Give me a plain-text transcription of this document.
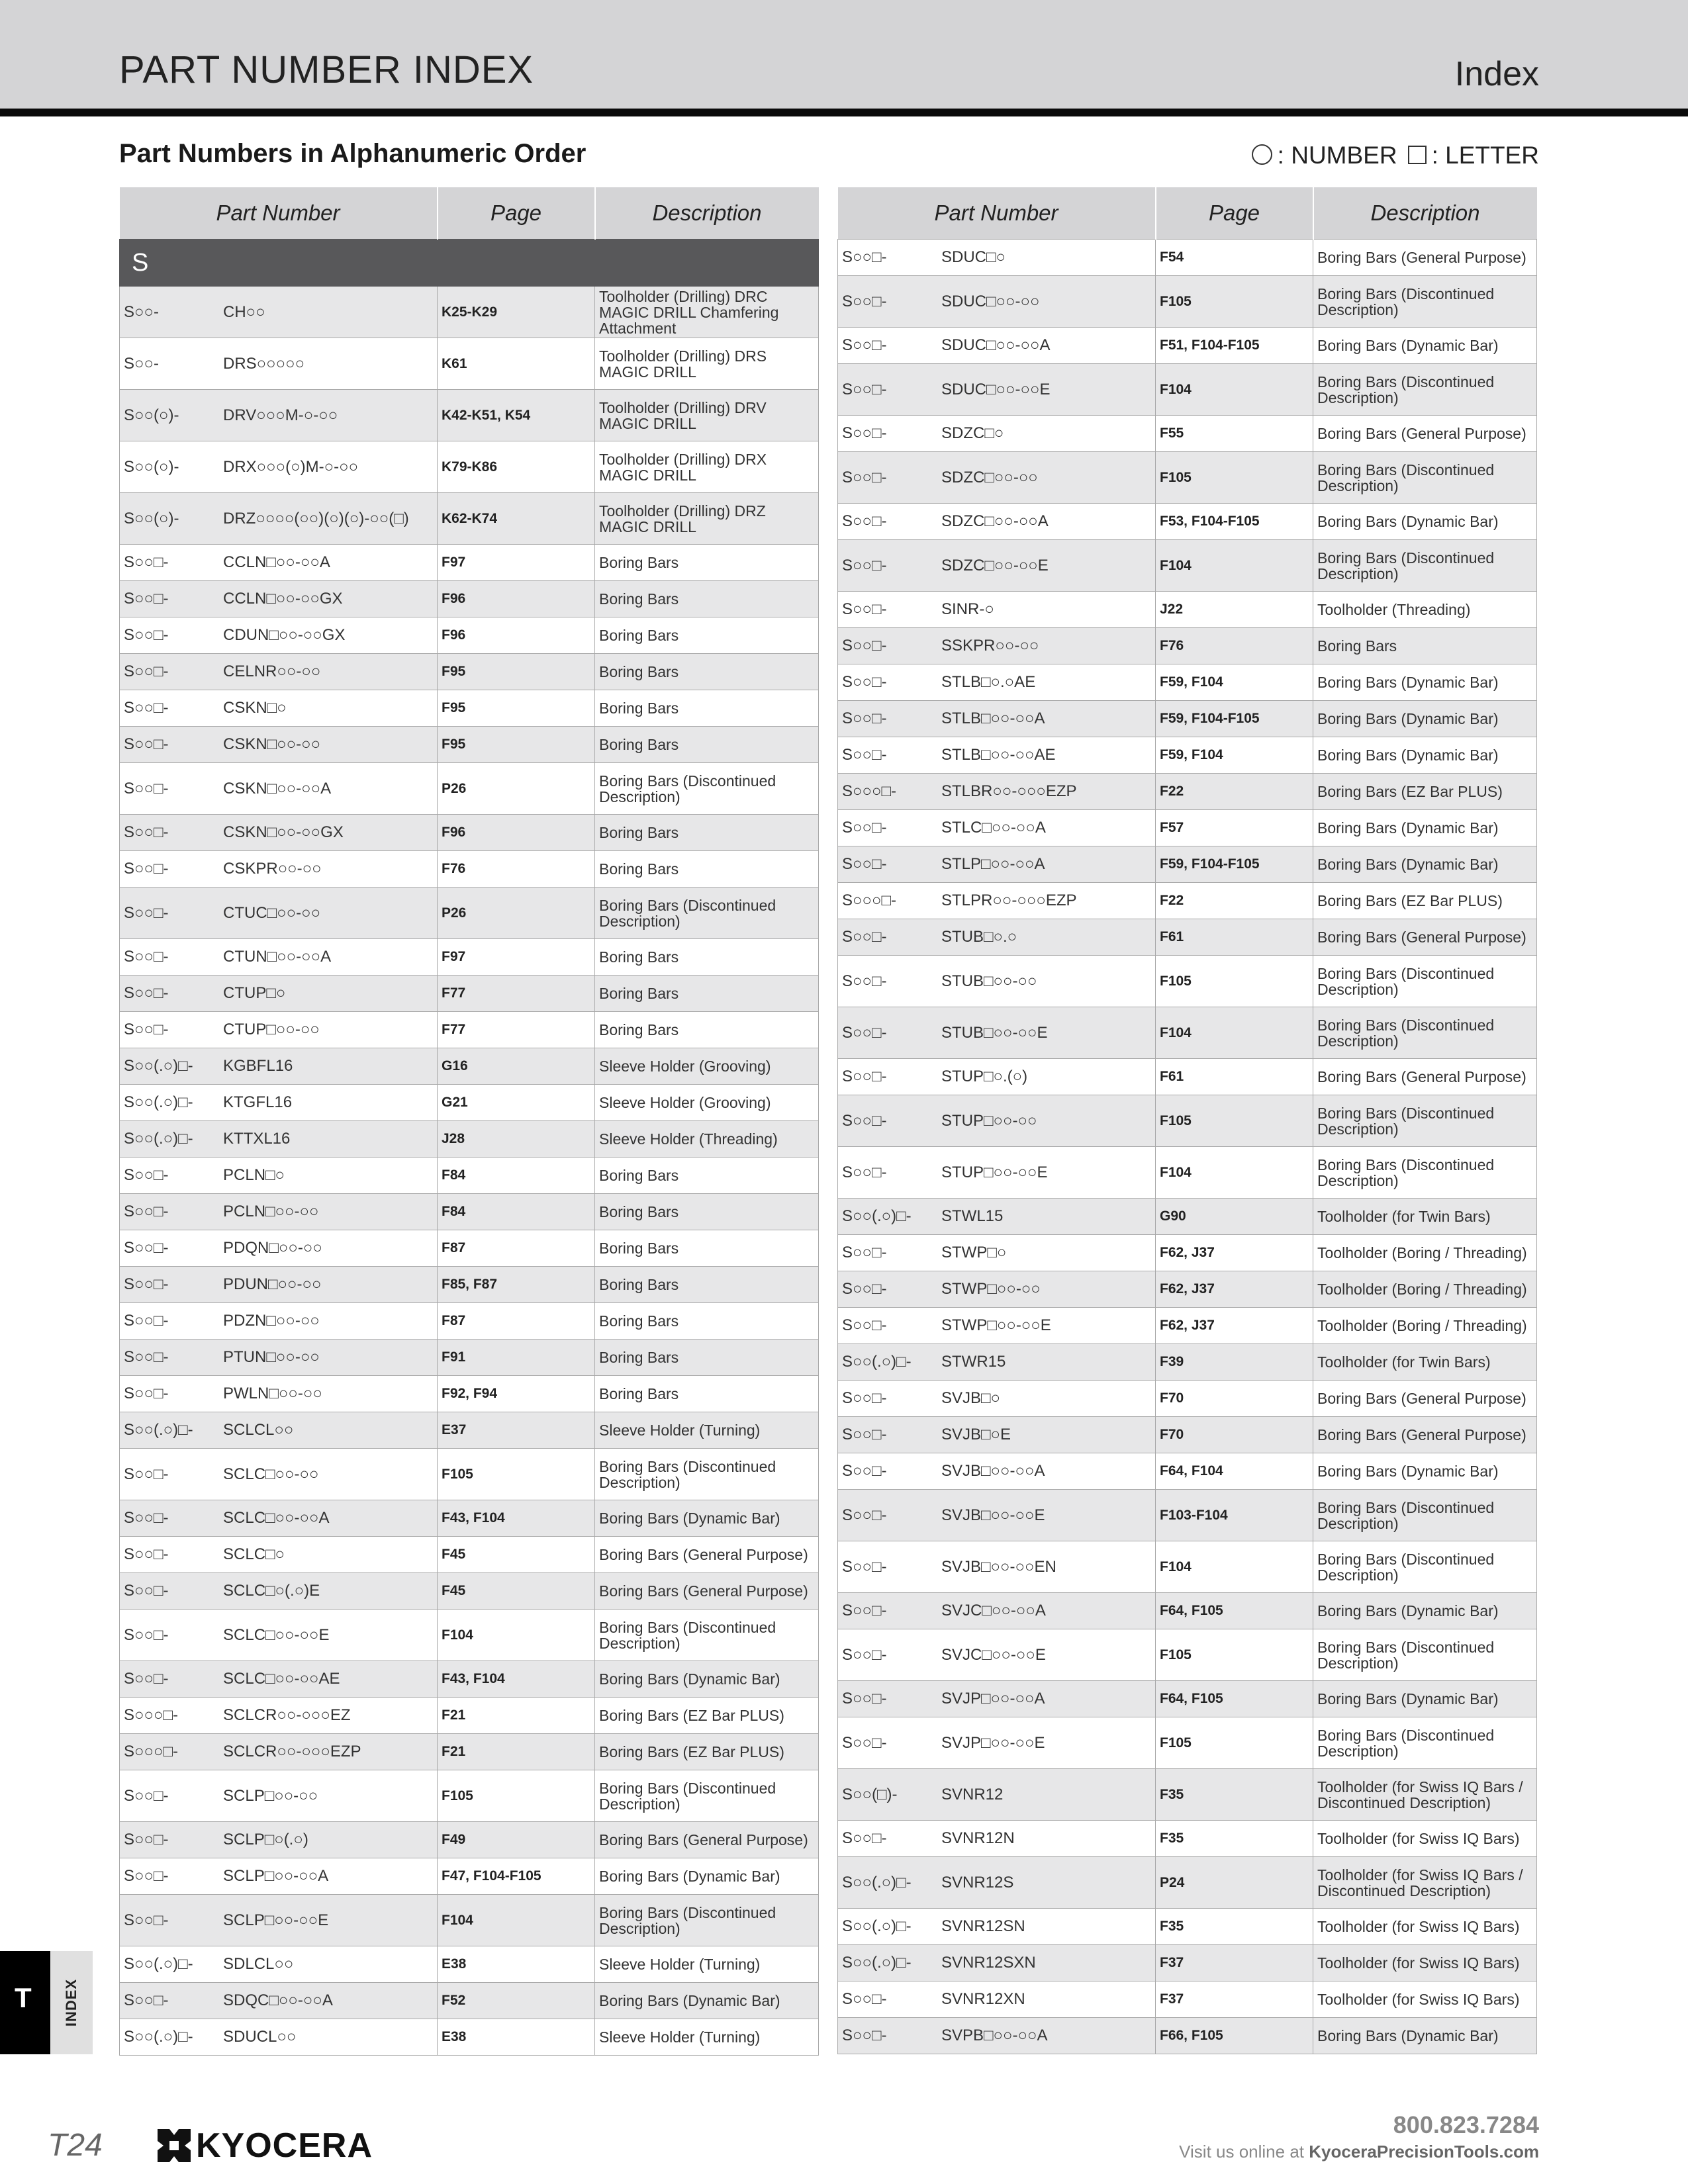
PART NUMBER INDEX	Index
Part Numbers in Alphanumeric Order	: NUMBER : LETTER
Part Number	Page	Description
S		
S○○- CH○○	K25-K29	Toolholder (Drilling) DRC MAGIC DRILL Chamfering Attachment
S○○- DRS○○○○○	K61	Toolholder (Drilling) DRS MAGIC DRILL
S○○(○)- DRV○○○M-○-○○	K42-K51, K54	Toolholder (Drilling) DRV MAGIC DRILL
S○○(○)- DRX○○○(○)M-○-○○	K79-K86	Toolholder (Drilling) DRX MAGIC DRILL
S○○(○)- DRZ○○○○(○○)(○)(○)-○○(□)	K62-K74	Toolholder (Drilling) DRZ MAGIC DRILL
S○○□- CCLN□○○-○○A	F97	Boring Bars
S○○□- CCLN□○○-○○GX	F96	Boring Bars
S○○□- CDUN□○○-○○GX	F96	Boring Bars
S○○□- CELNR○○-○○	F95	Boring Bars
S○○□- CSKN□○	F95	Boring Bars
S○○□- CSKN□○○-○○	F95	Boring Bars
S○○□- CSKN□○○-○○A	P26	Boring Bars (Discontinued Description)
S○○□- CSKN□○○-○○GX	F96	Boring Bars
S○○□- CSKPR○○-○○	F76	Boring Bars
S○○□- CTUC□○○-○○	P26	Boring Bars (Discontinued Description)
S○○□- CTUN□○○-○○A	F97	Boring Bars
S○○□- CTUP□○	F77	Boring Bars
S○○□- CTUP□○○-○○	F77	Boring Bars
S○○(.○)□- KGBFL16	G16	Sleeve Holder (Grooving)
S○○(.○)□- KTGFL16	G21	Sleeve Holder (Grooving)
S○○(.○)□- KTTXL16	J28	Sleeve Holder (Threading)
S○○□- PCLN□○	F84	Boring Bars
S○○□- PCLN□○○-○○	F84	Boring Bars
S○○□- PDQN□○○-○○	F87	Boring Bars
S○○□- PDUN□○○-○○	F85, F87	Boring Bars
S○○□- PDZN□○○-○○	F87	Boring Bars
S○○□- PTUN□○○-○○	F91	Boring Bars
S○○□- PWLN□○○-○○	F92, F94	Boring Bars
S○○(.○)□- SCLCL○○	E37	Sleeve Holder (Turning)
S○○□- SCLC□○○-○○	F105	Boring Bars (Discontinued Description)
S○○□- SCLC□○○-○○A	F43, F104	Boring Bars (Dynamic Bar)
S○○□- SCLC□○	F45	Boring Bars (General Purpose)
S○○□- SCLC□○(.○)E	F45	Boring Bars (General Purpose)
S○○□- SCLC□○○-○○E	F104	Boring Bars (Discontinued Description)
S○○□- SCLC□○○-○○AE	F43, F104	Boring Bars (Dynamic Bar)
S○○○□- SCLCR○○-○○○EZ	F21	Boring Bars (EZ Bar PLUS)
S○○○□- SCLCR○○-○○○EZP	F21	Boring Bars (EZ Bar PLUS)
S○○□- SCLP□○○-○○	F105	Boring Bars (Discontinued Description)
S○○□- SCLP□○(.○)	F49	Boring Bars (General Purpose)
S○○□- SCLP□○○-○○A	F47, F104-F105	Boring Bars (Dynamic Bar)
S○○□- SCLP□○○-○○E	F104	Boring Bars (Discontinued Description)
S○○(.○)□- SDLCL○○	E38	Sleeve Holder (Turning)
S○○□- SDQC□○○-○○A	F52	Boring Bars (Dynamic Bar)
S○○(.○)□- SDUCL○○	E38	Sleeve Holder (Turning)
Part Number	Page	Description
S○○□- SDUC□○	F54	Boring Bars (General Purpose)
S○○□- SDUC□○○-○○	F105	Boring Bars (Discontinued Description)
S○○□- SDUC□○○-○○A	F51, F104-F105	Boring Bars (Dynamic Bar)
S○○□- SDUC□○○-○○E	F104	Boring Bars (Discontinued Description)
S○○□- SDZC□○	F55	Boring Bars (General Purpose)
S○○□- SDZC□○○-○○	F105	Boring Bars (Discontinued Description)
S○○□- SDZC□○○-○○A	F53, F104-F105	Boring Bars (Dynamic Bar)
S○○□- SDZC□○○-○○E	F104	Boring Bars (Discontinued Description)
S○○□- SINR-○	J22	Toolholder (Threading)
S○○□- SSKPR○○-○○	F76	Boring Bars
S○○□- STLB□○.○AE	F59, F104	Boring Bars (Dynamic Bar)
S○○□- STLB□○○-○○A	F59, F104-F105	Boring Bars (Dynamic Bar)
S○○□- STLB□○○-○○AE	F59, F104	Boring Bars (Dynamic Bar)
S○○○□- STLBR○○-○○○EZP	F22	Boring Bars (EZ Bar PLUS)
S○○□- STLC□○○-○○A	F57	Boring Bars (Dynamic Bar)
S○○□- STLP□○○-○○A	F59, F104-F105	Boring Bars (Dynamic Bar)
S○○○□- STLPR○○-○○○EZP	F22	Boring Bars (EZ Bar PLUS)
S○○□- STUB□○.○	F61	Boring Bars (General Purpose)
S○○□- STUB□○○-○○	F105	Boring Bars (Discontinued Description)
S○○□- STUB□○○-○○E	F104	Boring Bars (Discontinued Description)
S○○□- STUP□○.(○)	F61	Boring Bars (General Purpose)
S○○□- STUP□○○-○○	F105	Boring Bars (Discontinued Description)
S○○□- STUP□○○-○○E	F104	Boring Bars (Discontinued Description)
S○○(.○)□- STWL15	G90	Toolholder (for Twin Bars)
S○○□- STWP□○	F62, J37	Toolholder (Boring / Threading)
S○○□- STWP□○○-○○	F62, J37	Toolholder (Boring / Threading)
S○○□- STWP□○○-○○E	F62, J37	Toolholder (Boring / Threading)
S○○(.○)□- STWR15	F39	Toolholder (for Twin Bars)
S○○□- SVJB□○	F70	Boring Bars (General Purpose)
S○○□- SVJB□○E	F70	Boring Bars (General Purpose)
S○○□- SVJB□○○-○○A	F64, F104	Boring Bars (Dynamic Bar)
S○○□- SVJB□○○-○○E	F103-F104	Boring Bars (Discontinued Description)
S○○□- SVJB□○○-○○EN	F104	Boring Bars (Discontinued Description)
S○○□- SVJC□○○-○○A	F64, F105	Boring Bars (Dynamic Bar)
S○○□- SVJC□○○-○○E	F105	Boring Bars (Discontinued Description)
S○○□- SVJP□○○-○○A	F64, F105	Boring Bars (Dynamic Bar)
S○○□- SVJP□○○-○○E	F105	Boring Bars (Discontinued Description)
S○○(□)- SVNR12	F35	Toolholder (for Swiss IQ Bars / Discontinued Description)
S○○□- SVNR12N	F35	Toolholder (for Swiss IQ Bars)
S○○(.○)□- SVNR12S	P24	Toolholder (for Swiss IQ Bars / Discontinued Description)
S○○(.○)□- SVNR12SN	F35	Toolholder (for Swiss IQ Bars)
S○○(.○)□- SVNR12SXN	F37	Toolholder (for Swiss IQ Bars)
S○○□- SVNR12XN	F37	Toolholder (for Swiss IQ Bars)
S○○□- SVPB□○○-○○A	F66, F105	Boring Bars (Dynamic Bar)
T INDEX
T24	KYOCERA
800.823.7284
Visit us online at KyoceraPrecisionTools.com
